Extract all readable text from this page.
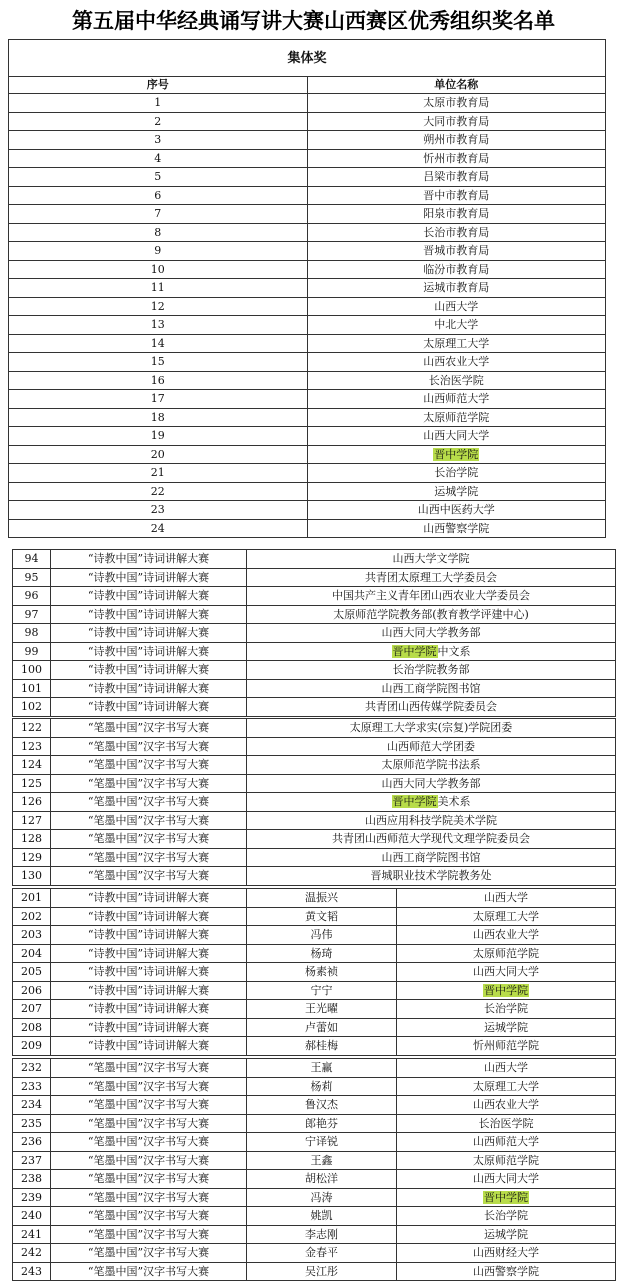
第五届中华经典诵写讲大赛山西赛区优秀组织奖名单
集体奖	
序号	单位名称
1	太原市教育局
2	大同市教育局
3	朔州市教育局
4	忻州市教育局
5	吕梁市教育局
6	晋中市教育局
7	阳泉市教育局
8	长治市教育局
9	晋城市教育局
10	临汾市教育局
11	运城市教育局
12	山西大学
13	中北大学
14	太原理工大学
15	山西农业大学
16	长治医学院
17	山西师范大学
18	太原师范学院
19	山西大同大学
20	晋中学院
21	长治学院
22	运城学院
23	山西中医药大学
24	山西警察学院
94	“诗教中国”诗词讲解大赛	山西大学文学院
95	“诗教中国”诗词讲解大赛	共青团太原理工大学委员会
96	“诗教中国”诗词讲解大赛	中国共产主义青年团山西农业大学委员会
97	“诗教中国”诗词讲解大赛	太原师范学院教务部(教育教学评建中心)
98	“诗教中国”诗词讲解大赛	山西大同大学教务部
99	“诗教中国”诗词讲解大赛	晋中学院中文系
100	“诗教中国”诗词讲解大赛	长治学院教务部
101	“诗教中国”诗词讲解大赛	山西工商学院图书馆
102	“诗教中国”诗词讲解大赛	共青团山西传媒学院委员会
122	“笔墨中国”汉字书写大赛	太原理工大学求实(宗复)学院团委
123	“笔墨中国”汉字书写大赛	山西师范大学团委
124	“笔墨中国”汉字书写大赛	太原师范学院书法系
125	“笔墨中国”汉字书写大赛	山西大同大学教务部
126	“笔墨中国”汉字书写大赛	晋中学院美术系
127	“笔墨中国”汉字书写大赛	山西应用科技学院美术学院
128	“笔墨中国”汉字书写大赛	共青团山西师范大学现代文理学院委员会
129	“笔墨中国”汉字书写大赛	山西工商学院图书馆
130	“笔墨中国”汉字书写大赛	晋城职业技术学院教务处
201	“诗教中国”诗词讲解大赛	温振兴	山西大学
202	“诗教中国”诗词讲解大赛	黄文韬	太原理工大学
203	“诗教中国”诗词讲解大赛	冯伟	山西农业大学
204	“诗教中国”诗词讲解大赛	杨琦	太原师范学院
205	“诗教中国”诗词讲解大赛	杨素祯	山西大同大学
206	“诗教中国”诗词讲解大赛	宁宁	晋中学院
207	“诗教中国”诗词讲解大赛	王光曜	长治学院
208	“诗教中国”诗词讲解大赛	卢蕾如	运城学院
209	“诗教中国”诗词讲解大赛	郝桂梅	忻州师范学院
232	“笔墨中国”汉字书写大赛	王赢	山西大学
233	“笔墨中国”汉字书写大赛	杨莉	太原理工大学
234	“笔墨中国”汉字书写大赛	鲁汉杰	山西农业大学
235	“笔墨中国”汉字书写大赛	郎艳芬	长治医学院
236	“笔墨中国”汉字书写大赛	宁译锐	山西师范大学
237	“笔墨中国”汉字书写大赛	王鑫	太原师范学院
238	“笔墨中国”汉字书写大赛	胡松洋	山西大同大学
239	“笔墨中国”汉字书写大赛	冯涛	晋中学院
240	“笔墨中国”汉字书写大赛	姚凯	长治学院
241	“笔墨中国”汉字书写大赛	李志刚	运城学院
242	“笔墨中国”汉字书写大赛	金春平	山西财经大学
243	“笔墨中国”汉字书写大赛	吴江彤	山西警察学院
